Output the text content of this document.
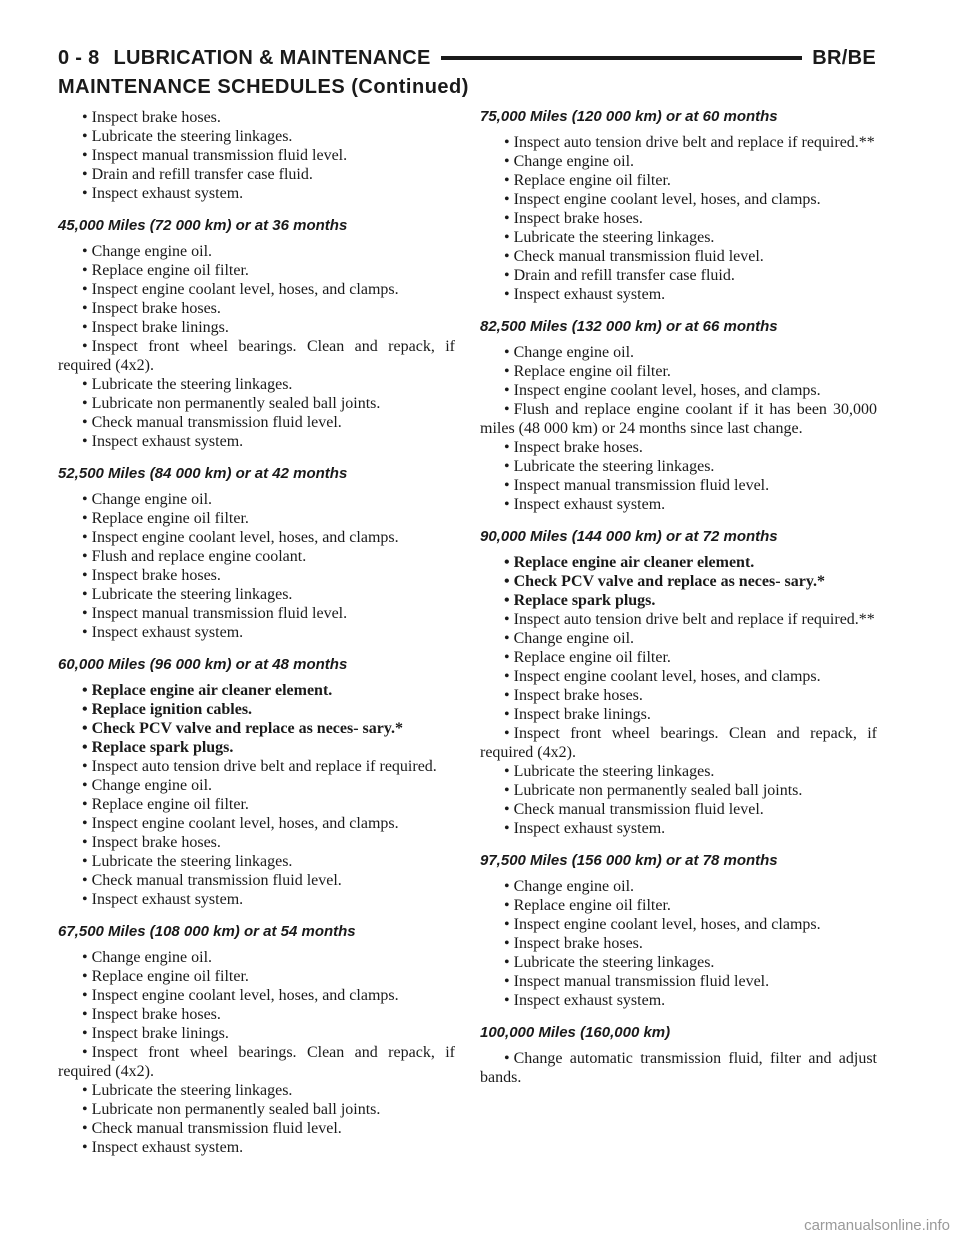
0 - 8 LUBRICATION & MAINTENANCE	BR/BE
MAINTENANCE SCHEDULES (Continued)
• Inspect brake hoses.
• Lubricate the steering linkages.
• Inspect manual transmission fluid level.
• Drain and refill transfer case fluid.
• Inspect exhaust system.
45,000 Miles (72 000 km) or at 36 months
• Change engine oil.
• Replace engine oil filter.
• Inspect engine coolant level, hoses, and clamps.
• Inspect brake hoses.
• Inspect brake linings.
• Inspect front wheel bearings. Clean and repack, if required (4x2).
• Lubricate the steering linkages.
• Lubricate non permanently sealed ball joints.
• Check manual transmission fluid level.
• Inspect exhaust system.
52,500 Miles (84 000 km) or at 42 months
• Change engine oil.
• Replace engine oil filter.
• Inspect engine coolant level, hoses, and clamps.
• Flush and replace engine coolant.
• Inspect brake hoses.
• Lubricate the steering linkages.
• Inspect manual transmission fluid level.
• Inspect exhaust system.
60,000 Miles (96 000 km) or at 48 months
• Replace engine air cleaner element.
• Replace ignition cables.
• Check PCV valve and replace as neces- sary.*
• Replace spark plugs.
• Inspect auto tension drive belt and replace if required.
• Change engine oil.
• Replace engine oil filter.
• Inspect engine coolant level, hoses, and clamps.
• Inspect brake hoses.
• Lubricate the steering linkages.
• Check manual transmission fluid level.
• Inspect exhaust system.
67,500 Miles (108 000 km) or at 54 months
• Change engine oil.
• Replace engine oil filter.
• Inspect engine coolant level, hoses, and clamps.
• Inspect brake hoses.
• Inspect brake linings.
• Inspect front wheel bearings. Clean and repack, if required (4x2).
• Lubricate the steering linkages.
• Lubricate non permanently sealed ball joints.
• Check manual transmission fluid level.
• Inspect exhaust system.
75,000 Miles (120 000 km) or at 60 months
• Inspect auto tension drive belt and replace if required.**
• Change engine oil.
• Replace engine oil filter.
• Inspect engine coolant level, hoses, and clamps.
• Inspect brake hoses.
• Lubricate the steering linkages.
• Check manual transmission fluid level.
• Drain and refill transfer case fluid.
• Inspect exhaust system.
82,500 Miles (132 000 km) or at 66 months
• Change engine oil.
• Replace engine oil filter.
• Inspect engine coolant level, hoses, and clamps.
• Flush and replace engine coolant if it has been 30,000 miles (48 000 km) or 24 months since last change.
• Inspect brake hoses.
• Lubricate the steering linkages.
• Inspect manual transmission fluid level.
• Inspect exhaust system.
90,000 Miles (144 000 km) or at 72 months
• Replace engine air cleaner element.
• Check PCV valve and replace as neces- sary.*
• Replace spark plugs.
• Inspect auto tension drive belt and replace if required.**
• Change engine oil.
• Replace engine oil filter.
• Inspect engine coolant level, hoses, and clamps.
• Inspect brake hoses.
• Inspect brake linings.
• Inspect front wheel bearings. Clean and repack, if required (4x2).
• Lubricate the steering linkages.
• Lubricate non permanently sealed ball joints.
• Check manual transmission fluid level.
• Inspect exhaust system.
97,500 Miles (156 000 km) or at 78 months
• Change engine oil.
• Replace engine oil filter.
• Inspect engine coolant level, hoses, and clamps.
• Inspect brake hoses.
• Lubricate the steering linkages.
• Inspect manual transmission fluid level.
• Inspect exhaust system.
100,000 Miles (160,000 km)
• Change automatic transmission fluid, filter and adjust bands.
carmanualsonline.info
